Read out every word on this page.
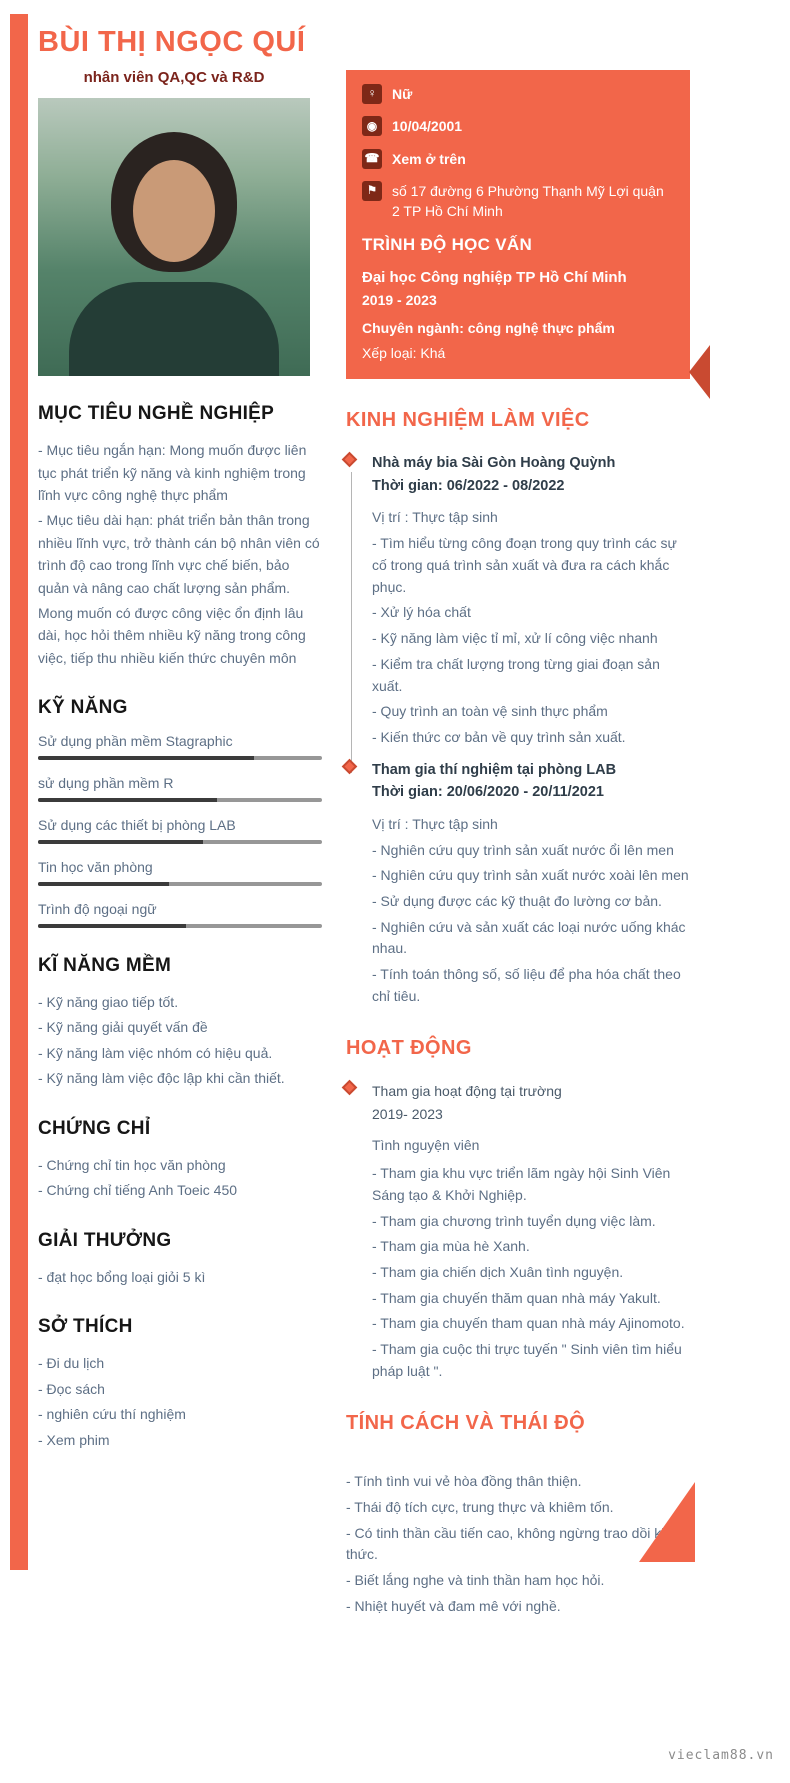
BÙI THỊ NGỌC QUÍ
nhân viên QA,QC và R&D
MỤC TIÊU NGHỀ NGHIỆP

- Mục tiêu ngắn hạn: Mong muốn được liên tục phát triển kỹ năng và kinh nghiệm trong lĩnh vực công nghệ thực phẩm

- Mục tiêu dài hạn: phát triển bản thân trong nhiều lĩnh vực, trở thành cán bộ nhân viên có trình độ cao trong lĩnh vực chế biến, bảo quản và nâng cao chất lượng sản phẩm.

Mong muốn có được công việc ổn định lâu dài, học hỏi thêm nhiều kỹ năng trong công việc, tiếp thu nhiều kiến thức chuyên môn

KỸ NĂNG
Sử dụng phần mềm Stagraphic
sử dụng phần mềm R
Sử dụng các thiết bị phòng LAB
Tin học văn phòng
Trình độ ngoại ngữ
KĨ NĂNG MỀM
- Kỹ năng giao tiếp tốt.
- Kỹ năng giải quyết vấn đề
- Kỹ năng làm việc nhóm có hiệu quả.
- Kỹ năng làm việc độc lập khi cần thiết.
CHỨNG CHỈ
- Chứng chỉ tin học văn phòng
- Chứng chỉ tiếng Anh Toeic 450
GIẢI THƯỞNG
- đạt học bổng loại giỏi 5 kì
SỞ THÍCH
- Đi du lịch
- Đọc sách
- nghiên cứu thí nghiệm
- Xem phim
♀	Nữ
◉	10/04/2001
☎ Xem ở trên
⚑	số 17 đường 6 Phường Thạnh Mỹ Lợi quận 2 TP Hồ Chí Minh
TRÌNH ĐỘ HỌC VẤN
Đại học Công nghiệp TP Hồ Chí Minh
2019 - 2023
Chuyên ngành: công nghệ thực phẩm
Xếp loại: Khá
KINH NGHIỆM LÀM VIỆC
Nhà máy bia Sài Gòn Hoàng Quỳnh
Thời gian: 06/2022 - 08/2022
Vị trí : Thực tập sinh
- Tìm hiểu từng công đoạn trong quy trình các sự cố trong quá trình sản xuất và đưa ra cách khắc phục.
- Xử lý hóa chất
- Kỹ năng làm việc tỉ mỉ, xử lí công việc nhanh
- Kiểm tra chất lượng trong từng giai đoạn sản xuất.
- Quy trình an toàn vệ sinh thực phẩm
- Kiến thức cơ bản về quy trình sản xuất.
Tham gia thí nghiệm tại phòng LAB
Thời gian: 20/06/2020 - 20/11/2021
Vị trí : Thực tập sinh
- Nghiên cứu quy trình sản xuất nước ổi lên men
- Nghiên cứu quy trình sản xuất nước xoài lên men
- Sử dụng được các kỹ thuật đo lường cơ bản.
- Nghiên cứu và sản xuất các loại nước uống khác nhau.
- Tính toán thông số, số liệu để pha hóa chất theo chỉ tiêu.
HOẠT ĐỘNG
Tham gia hoạt động tại trường
2019- 2023
Tình nguyện viên
- Tham gia khu vực triển lãm ngày hội Sinh Viên Sáng tạo & Khởi Nghiệp.
- Tham gia chương trình tuyển dụng việc làm.
- Tham gia mùa hè Xanh.
- Tham gia chiến dịch Xuân tình nguyện.
- Tham gia chuyến thăm quan nhà máy Yakult.
- Tham gia chuyến tham quan nhà máy Ajinomoto.
- Tham gia cuộc thi trực tuyến " Sinh viên tìm hiểu pháp luật ".
TÍNH CÁCH VÀ THÁI ĐỘ
- Tính tình vui vẻ hòa đồng thân thiện.
- Thái độ tích cực, trung thực và khiêm tốn.
- Có tinh thần cầu tiến cao, không ngừng trao dồi kiến thức.
- Biết lắng nghe và tinh thần ham học hỏi.
- Nhiệt huyết và đam mê với nghề.
vieclam88.vn
